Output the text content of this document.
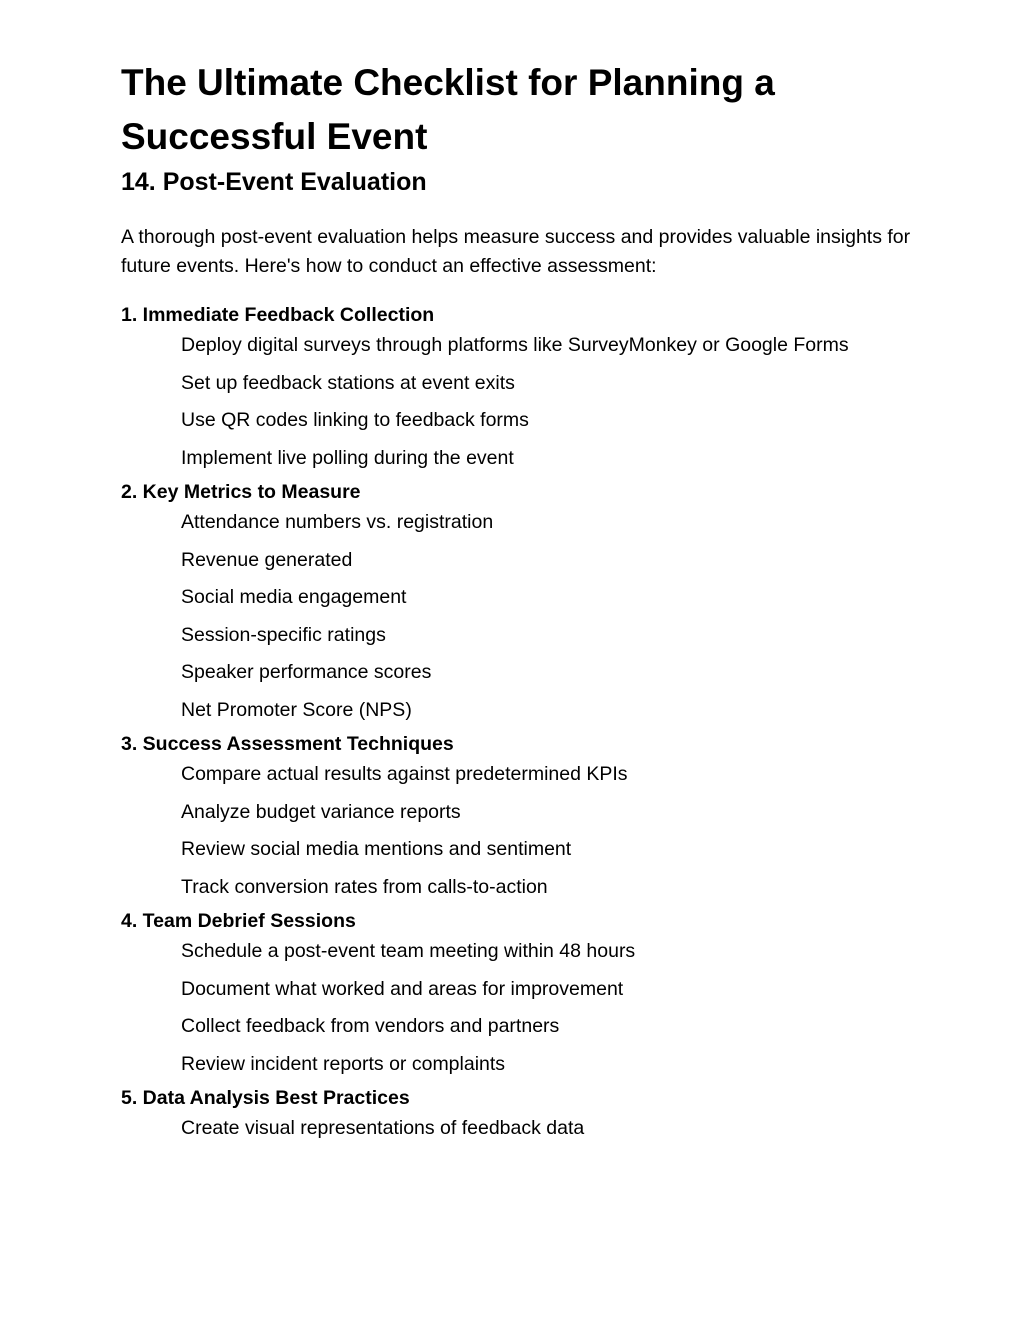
The Ultimate Checklist for Planning a Successful Event
14. Post-Event Evaluation

A thorough post-event evaluation helps measure success and provides valuable insights for future events. Here's how to conduct an effective assessment:

1. Immediate Feedback Collection
Deploy digital surveys through platforms like SurveyMonkey or Google Forms
Set up feedback stations at event exits
Use QR codes linking to feedback forms
Implement live polling during the event
2. Key Metrics to Measure
Attendance numbers vs. registration
Revenue generated
Social media engagement
Session-specific ratings
Speaker performance scores
Net Promoter Score (NPS)
3. Success Assessment Techniques
Compare actual results against predetermined KPIs
Analyze budget variance reports
Review social media mentions and sentiment
Track conversion rates from calls-to-action
4. Team Debrief Sessions
Schedule a post-event team meeting within 48 hours
Document what worked and areas for improvement
Collect feedback from vendors and partners
Review incident reports or complaints
5. Data Analysis Best Practices
Create visual representations of feedback data
